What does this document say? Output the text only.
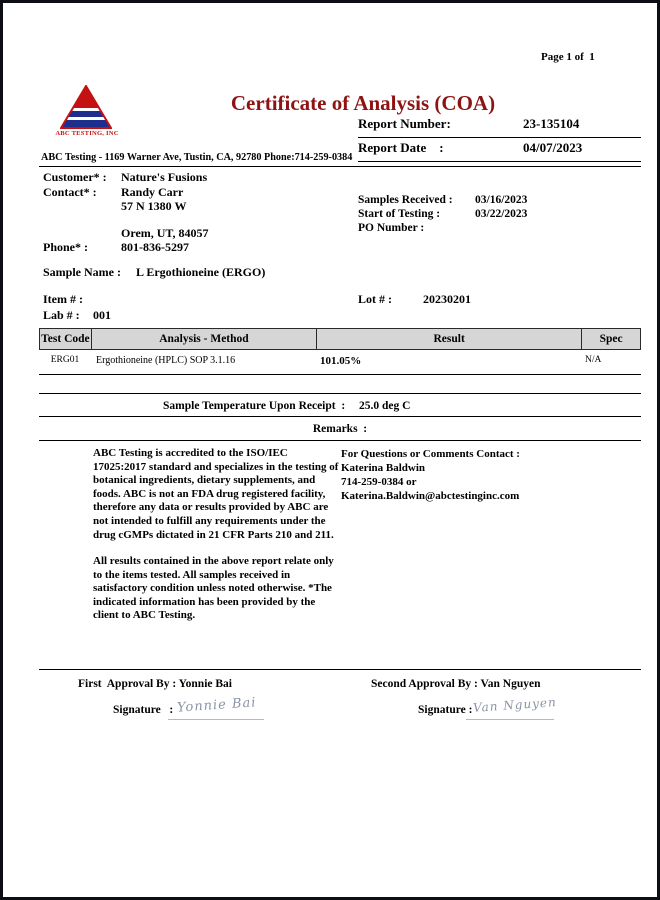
Page 1 of  1
ABC TESTING, INC
Certificate of Analysis (COA)
Report Number:	23-135104
Report Date    :	04/07/2023
ABC Testing - 1169 Warner Ave, Tustin, CA, 92780 Phone:714-259-0384
Customer* : Nature's Fusions
Contact* : Randy Carr
57 N 1380 W
Orem, UT, 84057
Phone* :	801-836-5297
Samples Received : 03/16/2023
Start of Testing :	03/22/2023
PO Number :
Sample Name : L Ergothioneine (ERGO)
Item # :	Lot # :	20230201
Lab # : 001
Test Code	Analysis - Method	Result	Spec
ERG01	Ergothioneine (HPLC) SOP 3.1.16	101.05%	N/A
Sample Temperature Upon Receipt  : 25.0 deg C
Remarks  :
ABC Testing is accredited to the ISO/IEC 17025:2017 standard and specializes in the testing of botanical ingredients, dietary supplements, and foods. ABC is not an FDA drug registered facility, therefore any data or results provided by ABC are not intended to fulfill any requirements under the drug cGMPs dictated in 21 CFR Parts 210 and 211.
All results contained in the above report relate only to the items tested. All samples received in satisfactory condition unless noted otherwise. *The indicated information has been provided by the client to ABC Testing.
For Questions or Comments Contact :
Katerina Baldwin
714-259-0384 or
Katerina.Baldwin@abctestinginc.com
First  Approval By : Yonnie Bai	Second Approval By : Van Nguyen
Signature   : Yonnie Bai	Signature : Van Nguyen
